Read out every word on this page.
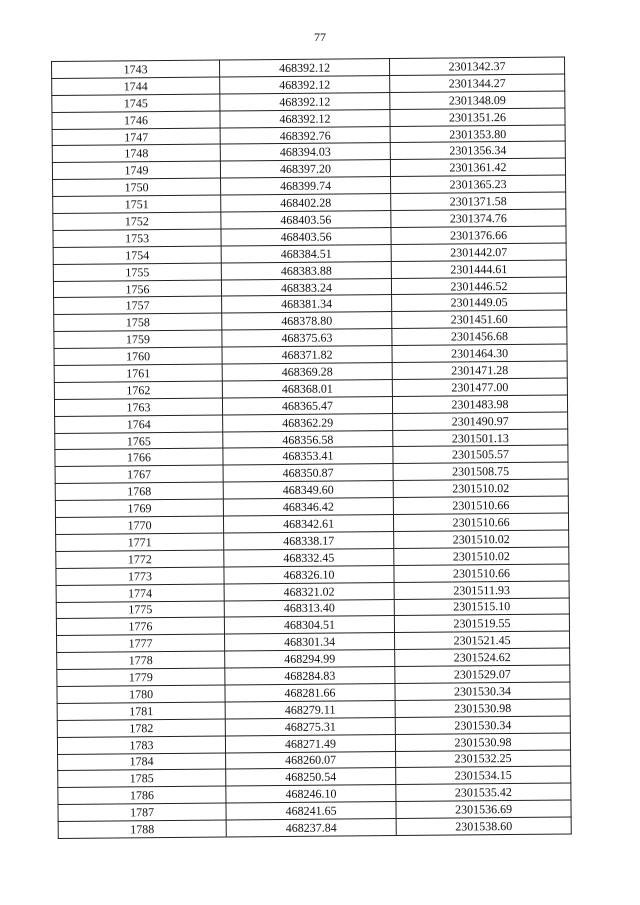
77
1743	468392.12	2301342.37
1744	468392.12	2301344.27
1745	468392.12	2301348.09
1746	468392.12	2301351.26
1747	468392.76	2301353.80
1748	468394.03	2301356.34
1749	468397.20	2301361.42
1750	468399.74	2301365.23
1751	468402.28	2301371.58
1752	468403.56	2301374.76
1753	468403.56	2301376.66
1754	468384.51	2301442.07
1755	468383.88	2301444.61
1756	468383.24	2301446.52
1757	468381.34	2301449.05
1758	468378.80	2301451.60
1759	468375.63	2301456.68
1760	468371.82	2301464.30
1761	468369.28	2301471.28
1762	468368.01	2301477.00
1763	468365.47	2301483.98
1764	468362.29	2301490.97
1765	468356.58	2301501.13
1766	468353.41	2301505.57
1767	468350.87	2301508.75
1768	468349.60	2301510.02
1769	468346.42	2301510.66
1770	468342.61	2301510.66
1771	468338.17	2301510.02
1772	468332.45	2301510.02
1773	468326.10	2301510.66
1774	468321.02	2301511.93
1775	468313.40	2301515.10
1776	468304.51	2301519.55
1777	468301.34	2301521.45
1778	468294.99	2301524.62
1779	468284.83	2301529.07
1780	468281.66	2301530.34
1781	468279.11	2301530.98
1782	468275.31	2301530.34
1783	468271.49	2301530.98
1784	468260.07	2301532.25
1785	468250.54	2301534.15
1786	468246.10	2301535.42
1787	468241.65	2301536.69
1788	468237.84	2301538.60
